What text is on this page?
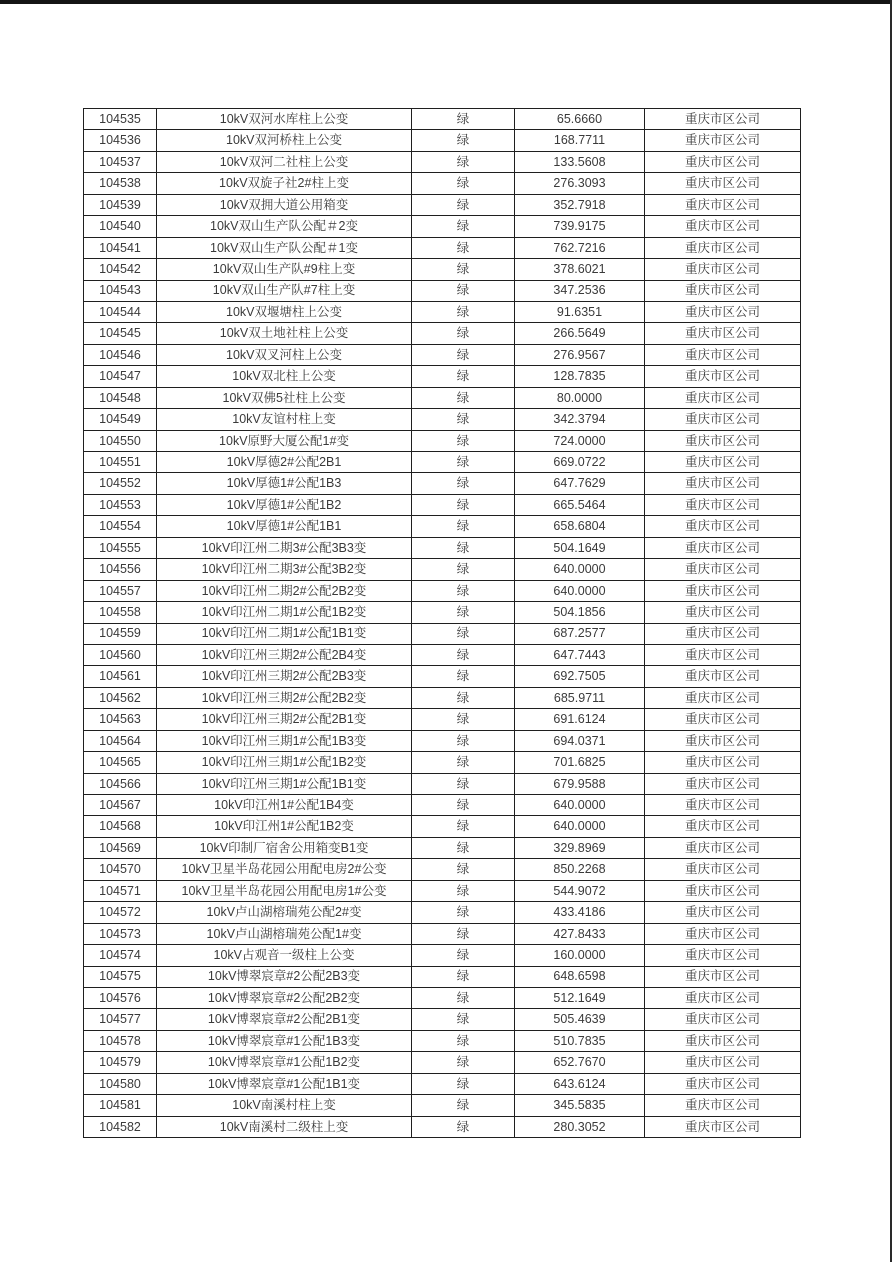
104535	10kV双河水库柱上公变	绿	65.6660	重庆市区公司
104536	10kV双河桥柱上公变	绿	168.7711	重庆市区公司
104537	10kV双河二社柱上公变	绿	133.5608	重庆市区公司
104538	10kV双旋子社2#柱上变	绿	276.3093	重庆市区公司
104539	10kV双拥大道公用箱变	绿	352.7918	重庆市区公司
104540	10kV双山生产队公配＃2变	绿	739.9175	重庆市区公司
104541	10kV双山生产队公配＃1变	绿	762.7216	重庆市区公司
104542	10kV双山生产队#9柱上变	绿	378.6021	重庆市区公司
104543	10kV双山生产队#7柱上变	绿	347.2536	重庆市区公司
104544	10kV双堰塘柱上公变	绿	91.6351	重庆市区公司
104545	10kV双土地社柱上公变	绿	266.5649	重庆市区公司
104546	10kV双叉河柱上公变	绿	276.9567	重庆市区公司
104547	10kV双北柱上公变	绿	128.7835	重庆市区公司
104548	10kV双佛5社柱上公变	绿	80.0000	重庆市区公司
104549	10kV友谊村柱上变	绿	342.3794	重庆市区公司
104550	10kV原野大厦公配1#变	绿	724.0000	重庆市区公司
104551	10kV厚德2#公配2B1	绿	669.0722	重庆市区公司
104552	10kV厚德1#公配1B3	绿	647.7629	重庆市区公司
104553	10kV厚德1#公配1B2	绿	665.5464	重庆市区公司
104554	10kV厚德1#公配1B1	绿	658.6804	重庆市区公司
104555	10kV印江州二期3#公配3B3变	绿	504.1649	重庆市区公司
104556	10kV印江州二期3#公配3B2变	绿	640.0000	重庆市区公司
104557	10kV印江州二期2#公配2B2变	绿	640.0000	重庆市区公司
104558	10kV印江州二期1#公配1B2变	绿	504.1856	重庆市区公司
104559	10kV印江州二期1#公配1B1变	绿	687.2577	重庆市区公司
104560	10kV印江州三期2#公配2B4变	绿	647.7443	重庆市区公司
104561	10kV印江州三期2#公配2B3变	绿	692.7505	重庆市区公司
104562	10kV印江州三期2#公配2B2变	绿	685.9711	重庆市区公司
104563	10kV印江州三期2#公配2B1变	绿	691.6124	重庆市区公司
104564	10kV印江州三期1#公配1B3变	绿	694.0371	重庆市区公司
104565	10kV印江州三期1#公配1B2变	绿	701.6825	重庆市区公司
104566	10kV印江州三期1#公配1B1变	绿	679.9588	重庆市区公司
104567	10kV印江州1#公配1B4变	绿	640.0000	重庆市区公司
104568	10kV印江州1#公配1B2变	绿	640.0000	重庆市区公司
104569	10kV印制厂宿舍公用箱变B1变	绿	329.8969	重庆市区公司
104570	10kV卫星半岛花园公用配电房2#公变	绿	850.2268	重庆市区公司
104571	10kV卫星半岛花园公用配电房1#公变	绿	544.9072	重庆市区公司
104572	10kV卢山湖榕瑞苑公配2#变	绿	433.4186	重庆市区公司
104573	10kV卢山湖榕瑞苑公配1#变	绿	427.8433	重庆市区公司
104574	10kV占观音一级柱上公变	绿	160.0000	重庆市区公司
104575	10kV博翠宸章#2公配2B3变	绿	648.6598	重庆市区公司
104576	10kV博翠宸章#2公配2B2变	绿	512.1649	重庆市区公司
104577	10kV博翠宸章#2公配2B1变	绿	505.4639	重庆市区公司
104578	10kV博翠宸章#1公配1B3变	绿	510.7835	重庆市区公司
104579	10kV博翠宸章#1公配1B2变	绿	652.7670	重庆市区公司
104580	10kV博翠宸章#1公配1B1变	绿	643.6124	重庆市区公司
104581	10kV南溪村柱上变	绿	345.5835	重庆市区公司
104582	10kV南溪村二级柱上变	绿	280.3052	重庆市区公司
